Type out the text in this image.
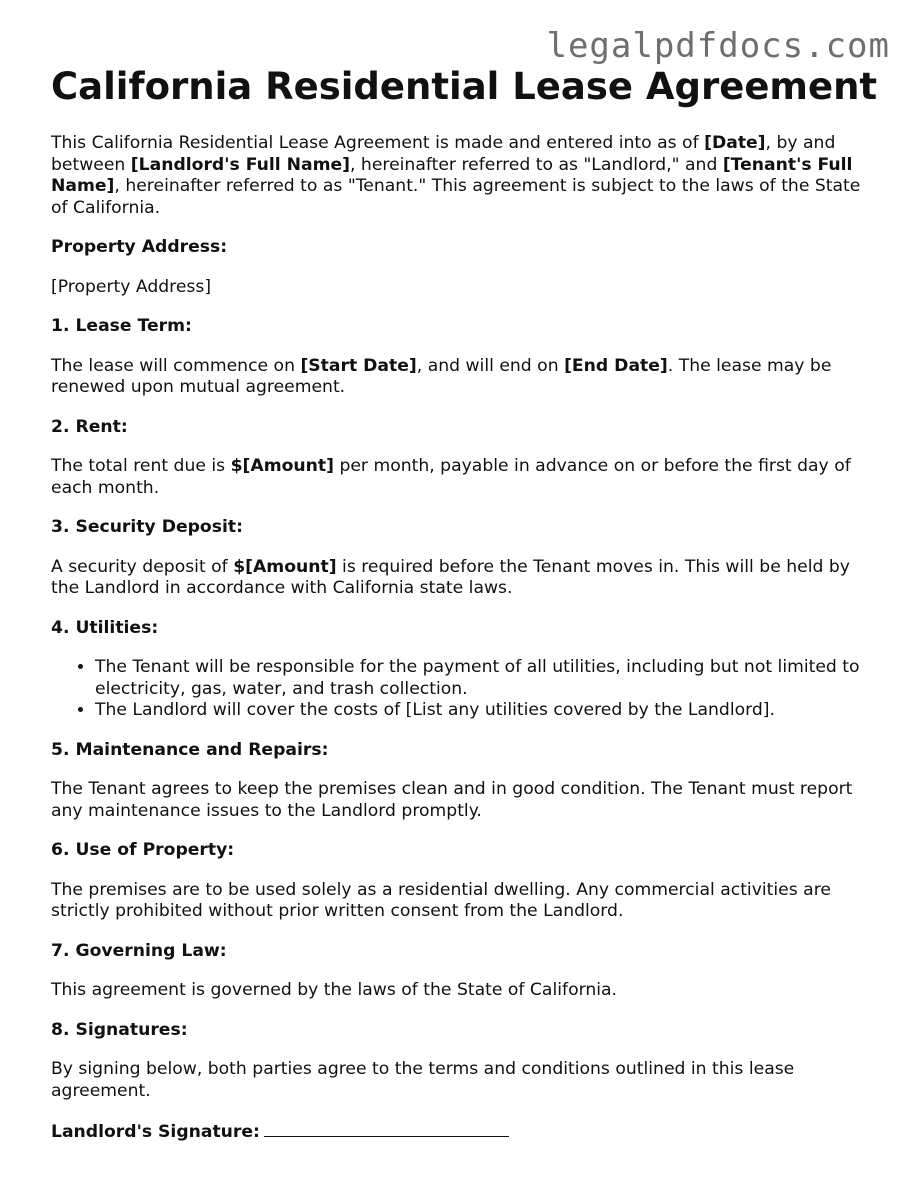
legalpdfdocs.com
California Residential Lease Agreement

This California Residential Lease Agreement is made and entered into as of [Date], by and between [Landlord's Full Name], hereinafter referred to as "Landlord," and [Tenant's Full Name], hereinafter referred to as "Tenant." This agreement is subject to the laws of the State of California.

Property Address:

[Property Address]

1. Lease Term:

The lease will commence on [Start Date], and will end on [End Date]. The lease may be renewed upon mutual agreement.

2. Rent:

The total rent due is $[Amount] per month, payable in advance on or before the first day of each month.

3. Security Deposit:

A security deposit of $[Amount] is required before the Tenant moves in. This will be held by the Landlord in accordance with California state laws.

4. Utilities:
• The Tenant will be responsible for the payment of all utilities, including but not limited to electricity, gas, water, and trash collection.
• The Landlord will cover the costs of [List any utilities covered by the Landlord].
5. Maintenance and Repairs:

The Tenant agrees to keep the premises clean and in good condition. The Tenant must report any maintenance issues to the Landlord promptly.

6. Use of Property:

The premises are to be used solely as a residential dwelling. Any commercial activities are strictly prohibited without prior written consent from the Landlord.

7. Governing Law:

This agreement is governed by the laws of the State of California.

8. Signatures:

By signing below, both parties agree to the terms and conditions outlined in this lease agreement.

Landlord's Signature:
